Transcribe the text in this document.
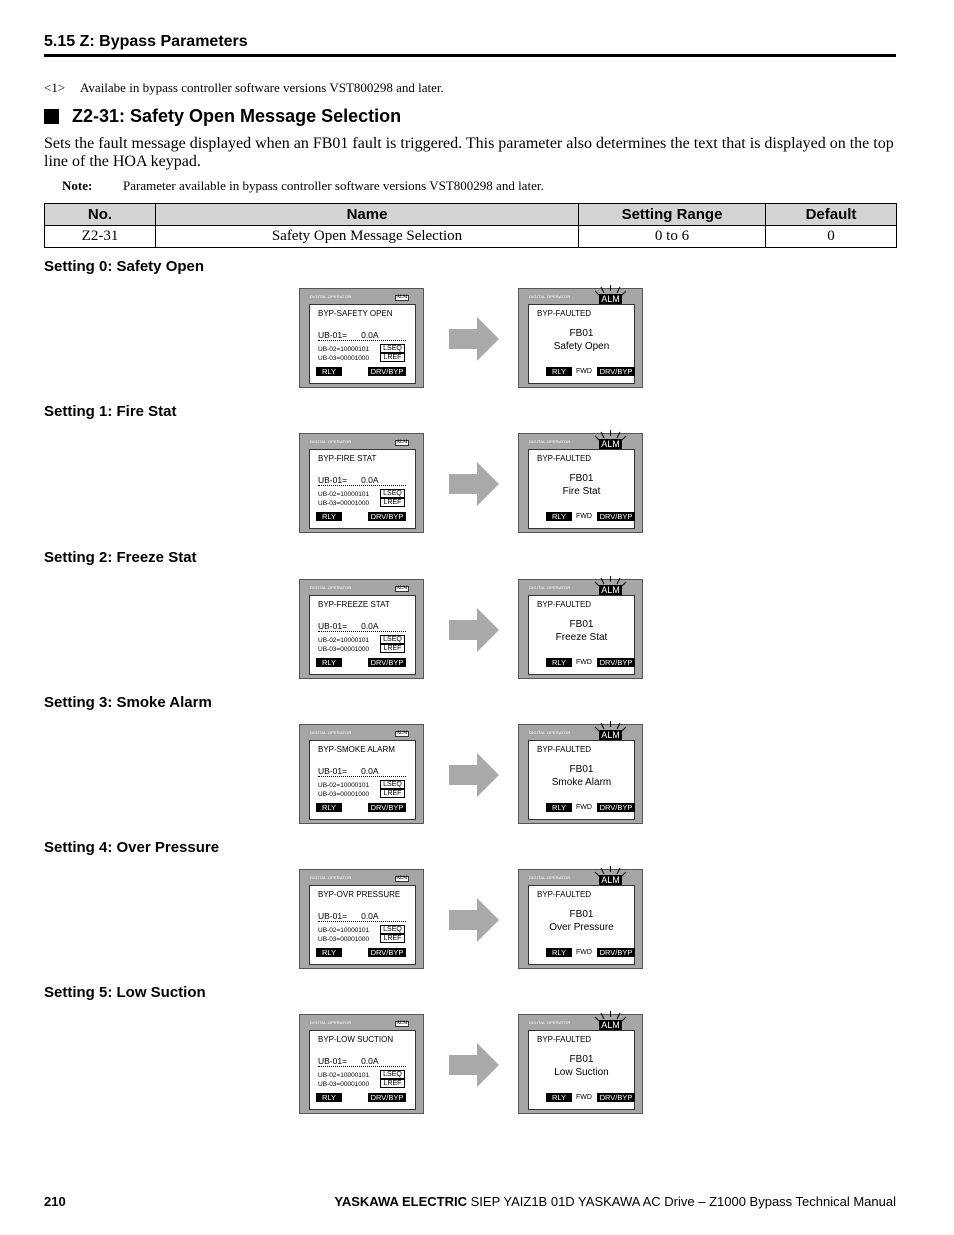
5.15 Z: Bypass Parameters
<1> Availabe in bypass controller software versions VST800298 and later.
Z2-31: Safety Open Message Selection
Sets the fault message displayed when an FB01 fault is triggered. This parameter also determines the text that is displayed on the top line of the HOA keypad.
Note: Parameter available in bypass controller software versions VST800298 and later.
No.	Name	Setting Range	Default
Z2-31	Safety Open Message Selection	0 to 6	0
Setting 0: Safety Open
DIGITAL OPERATOR	ALM
BYP-SAFETY OPEN
UB-01= 0.0A
UB-02=10000101
UB-03=00001000
LSEQ
LREF
RLY	DRV/BYP
DIGITAL OPERATOR	ALM
BYP-FAULTED
FB01
Safety Open
RLY	FWD	DRV/BYP
Setting 1: Fire Stat
DIGITAL OPERATOR	ALM
BYP-FIRE STAT
UB-01= 0.0A
UB-02=10000101
UB-03=00001000
LSEQ
LREF
RLY	DRV/BYP
DIGITAL OPERATOR	ALM
BYP-FAULTED
FB01
Fire Stat
RLY	FWD	DRV/BYP
Setting 2: Freeze Stat
DIGITAL OPERATOR	ALM
BYP-FREEZE STAT
UB-01= 0.0A
UB-02=10000101
UB-03=00001000
LSEQ
LREF
RLY	DRV/BYP
DIGITAL OPERATOR	ALM
BYP-FAULTED
FB01
Freeze Stat
RLY	FWD	DRV/BYP
Setting 3: Smoke Alarm
DIGITAL OPERATOR	ALM
BYP-SMOKE ALARM
UB-01= 0.0A
UB-02=10000101
UB-03=00001000
LSEQ
LREF
RLY	DRV/BYP
DIGITAL OPERATOR	ALM
BYP-FAULTED
FB01
Smoke Alarm
RLY	FWD	DRV/BYP
Setting 4: Over Pressure
DIGITAL OPERATOR	ALM
BYP-OVR PRESSURE
UB-01= 0.0A
UB-02=10000101
UB-03=00001000
LSEQ
LREF
RLY	DRV/BYP
DIGITAL OPERATOR	ALM
BYP-FAULTED
FB01
Over Pressure
RLY	FWD	DRV/BYP
Setting 5: Low Suction
DIGITAL OPERATOR	ALM
BYP-LOW SUCTION
UB-01= 0.0A
UB-02=10000101
UB-03=00001000
LSEQ
LREF
RLY	DRV/BYP
DIGITAL OPERATOR	ALM
BYP-FAULTED
FB01
Low Suction
RLY	FWD	DRV/BYP
210	YASKAWA ELECTRIC SIEP YAIZ1B 01D YASKAWA AC Drive – Z1000 Bypass Technical Manual
